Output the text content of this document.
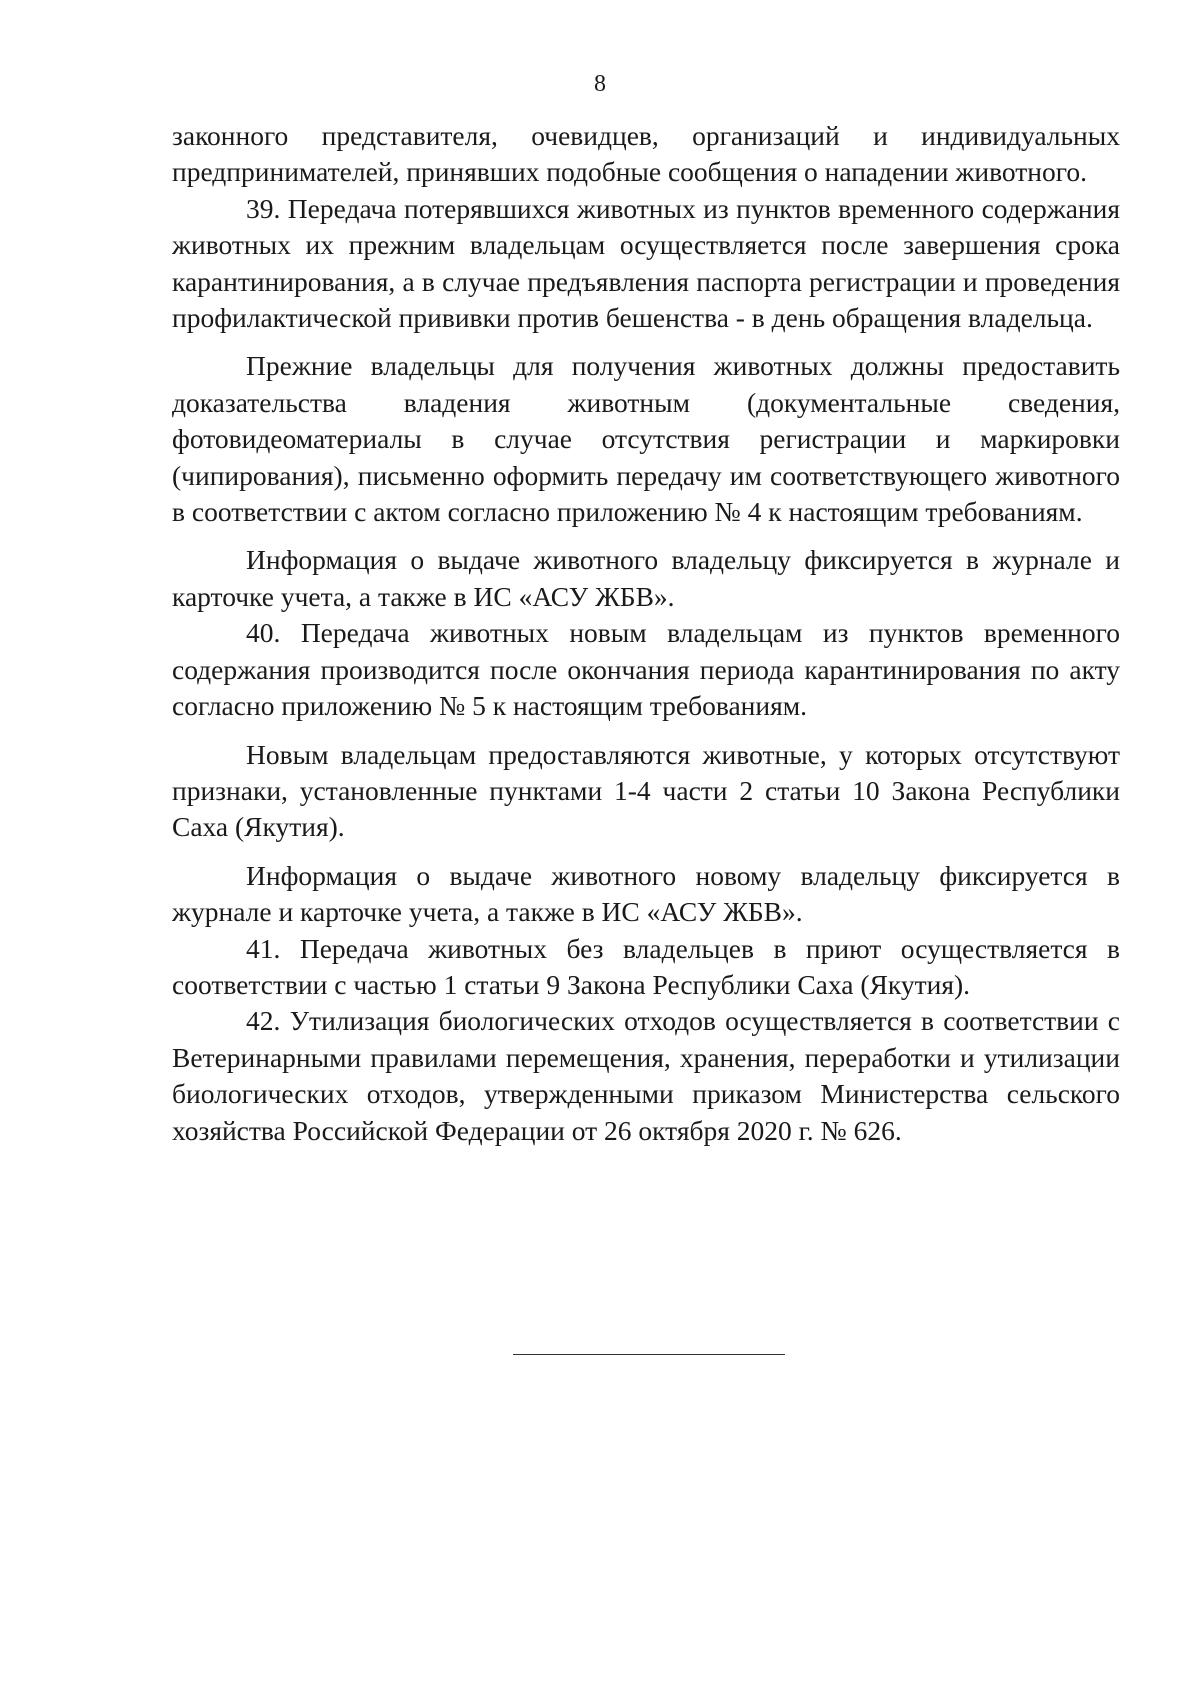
8

законного представителя, очевидцев, организаций и индивидуальных предпринимателей, принявших подобные сообщения о нападении животного.

39. Передача потерявшихся животных из пунктов временного содержания животных их прежним владельцам осуществляется после завершения срока карантинирования, а в случае предъявления паспорта регистрации и проведения профилактической прививки против бешенства - в день обращения владельца.

Прежние владельцы для получения животных должны предоставить доказательства владения животным (документальные сведения, фотовидеоматериалы в случае отсутствия регистрации и маркировки (чипирования), письменно оформить передачу им соответствующего животного в соответствии с актом согласно приложению № 4 к настоящим требованиям.

Информация о выдаче животного владельцу фиксируется в журнале и карточке учета, а также в ИС «АСУ ЖБВ».

40. Передача животных новым владельцам из пунктов временного содержания производится после окончания периода карантинирования по акту согласно приложению № 5 к настоящим требованиям.

Новым владельцам предоставляются животные, у которых отсутствуют признаки, установленные пунктами 1-4 части 2 статьи 10 Закона Республики Саха (Якутия).

Информация о выдаче животного новому владельцу фиксируется в журнале и карточке учета, а также в ИС «АСУ ЖБВ».

41. Передача животных без владельцев в приют осуществляется в соответствии с частью 1 статьи 9 Закона Республики Саха (Якутия).

42. Утилизация биологических отходов осуществляется в соответствии с Ветеринарными правилами перемещения, хранения, переработки и утилизации биологических отходов, утвержденными приказом Министерства сельского хозяйства Российской Федерации от 26 октября 2020 г. № 626.
